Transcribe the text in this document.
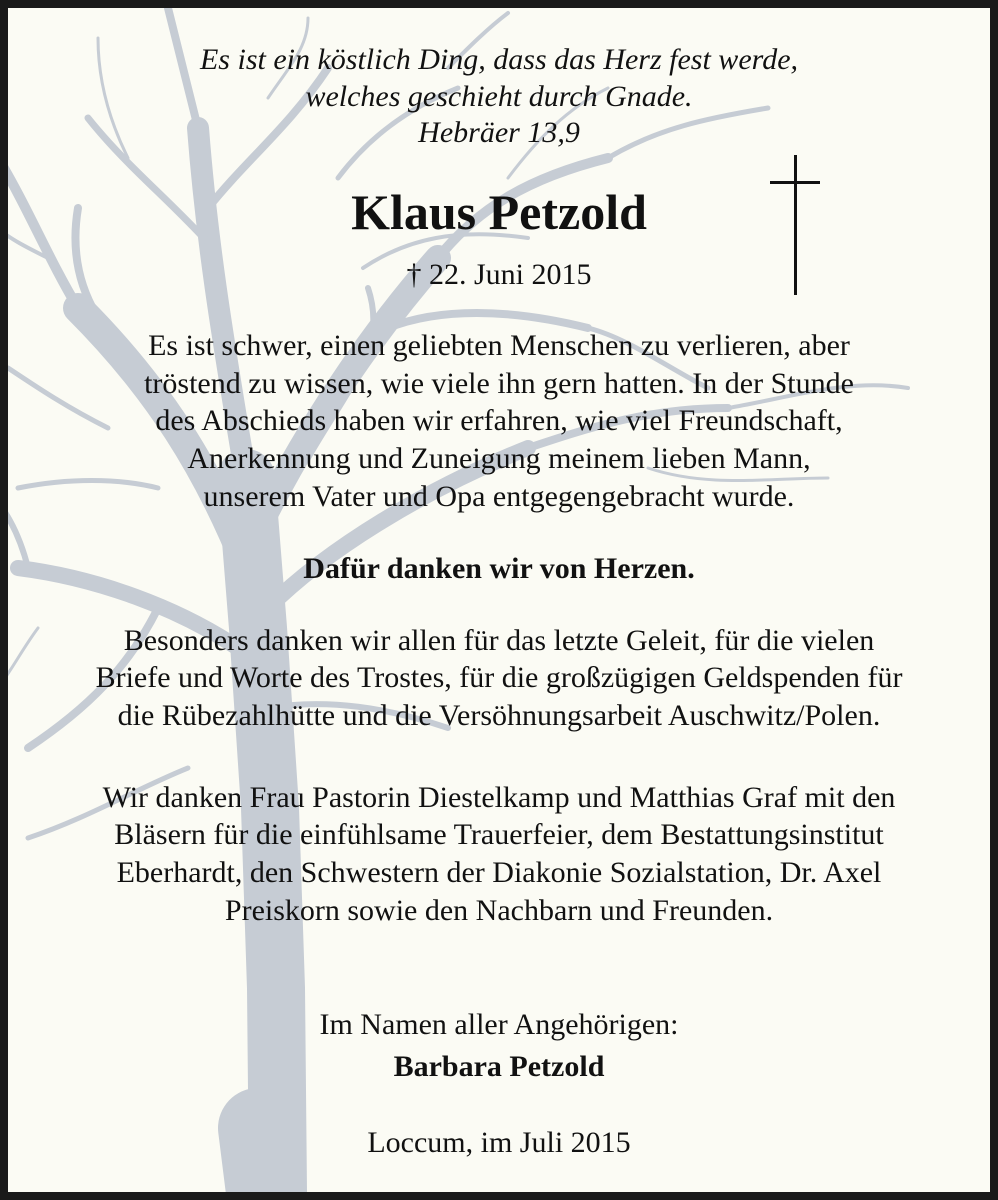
Es ist ein köstlich Ding, dass das Herz fest werde,
welches geschieht durch Gnade.
Hebräer 13,9
Klaus Petzold
† 22. Juni 2015
Es ist schwer, einen geliebten Menschen zu verlieren, aber
tröstend zu wissen, wie viele ihn gern hatten. In der Stunde
des Abschieds haben wir erfahren, wie viel Freundschaft,
Anerkennung und Zuneigung meinem lieben Mann,
unserem Vater und Opa entgegengebracht wurde.
Dafür danken wir von Herzen.
Besonders danken wir allen für das letzte Geleit, für die vielen
Briefe und Worte des Trostes, für die großzügigen Geldspenden für
die Rübezahlhütte und die Versöhnungsarbeit Auschwitz/Polen.
Wir danken Frau Pastorin Diestelkamp und Matthias Graf mit den
Bläsern für die einfühlsame Trauerfeier, dem Bestattungsinstitut
Eberhardt, den Schwestern der Diakonie Sozialstation, Dr. Axel
Preiskorn sowie den Nachbarn und Freunden.
Im Namen aller Angehörigen:
Barbara Petzold
Loccum, im Juli 2015
